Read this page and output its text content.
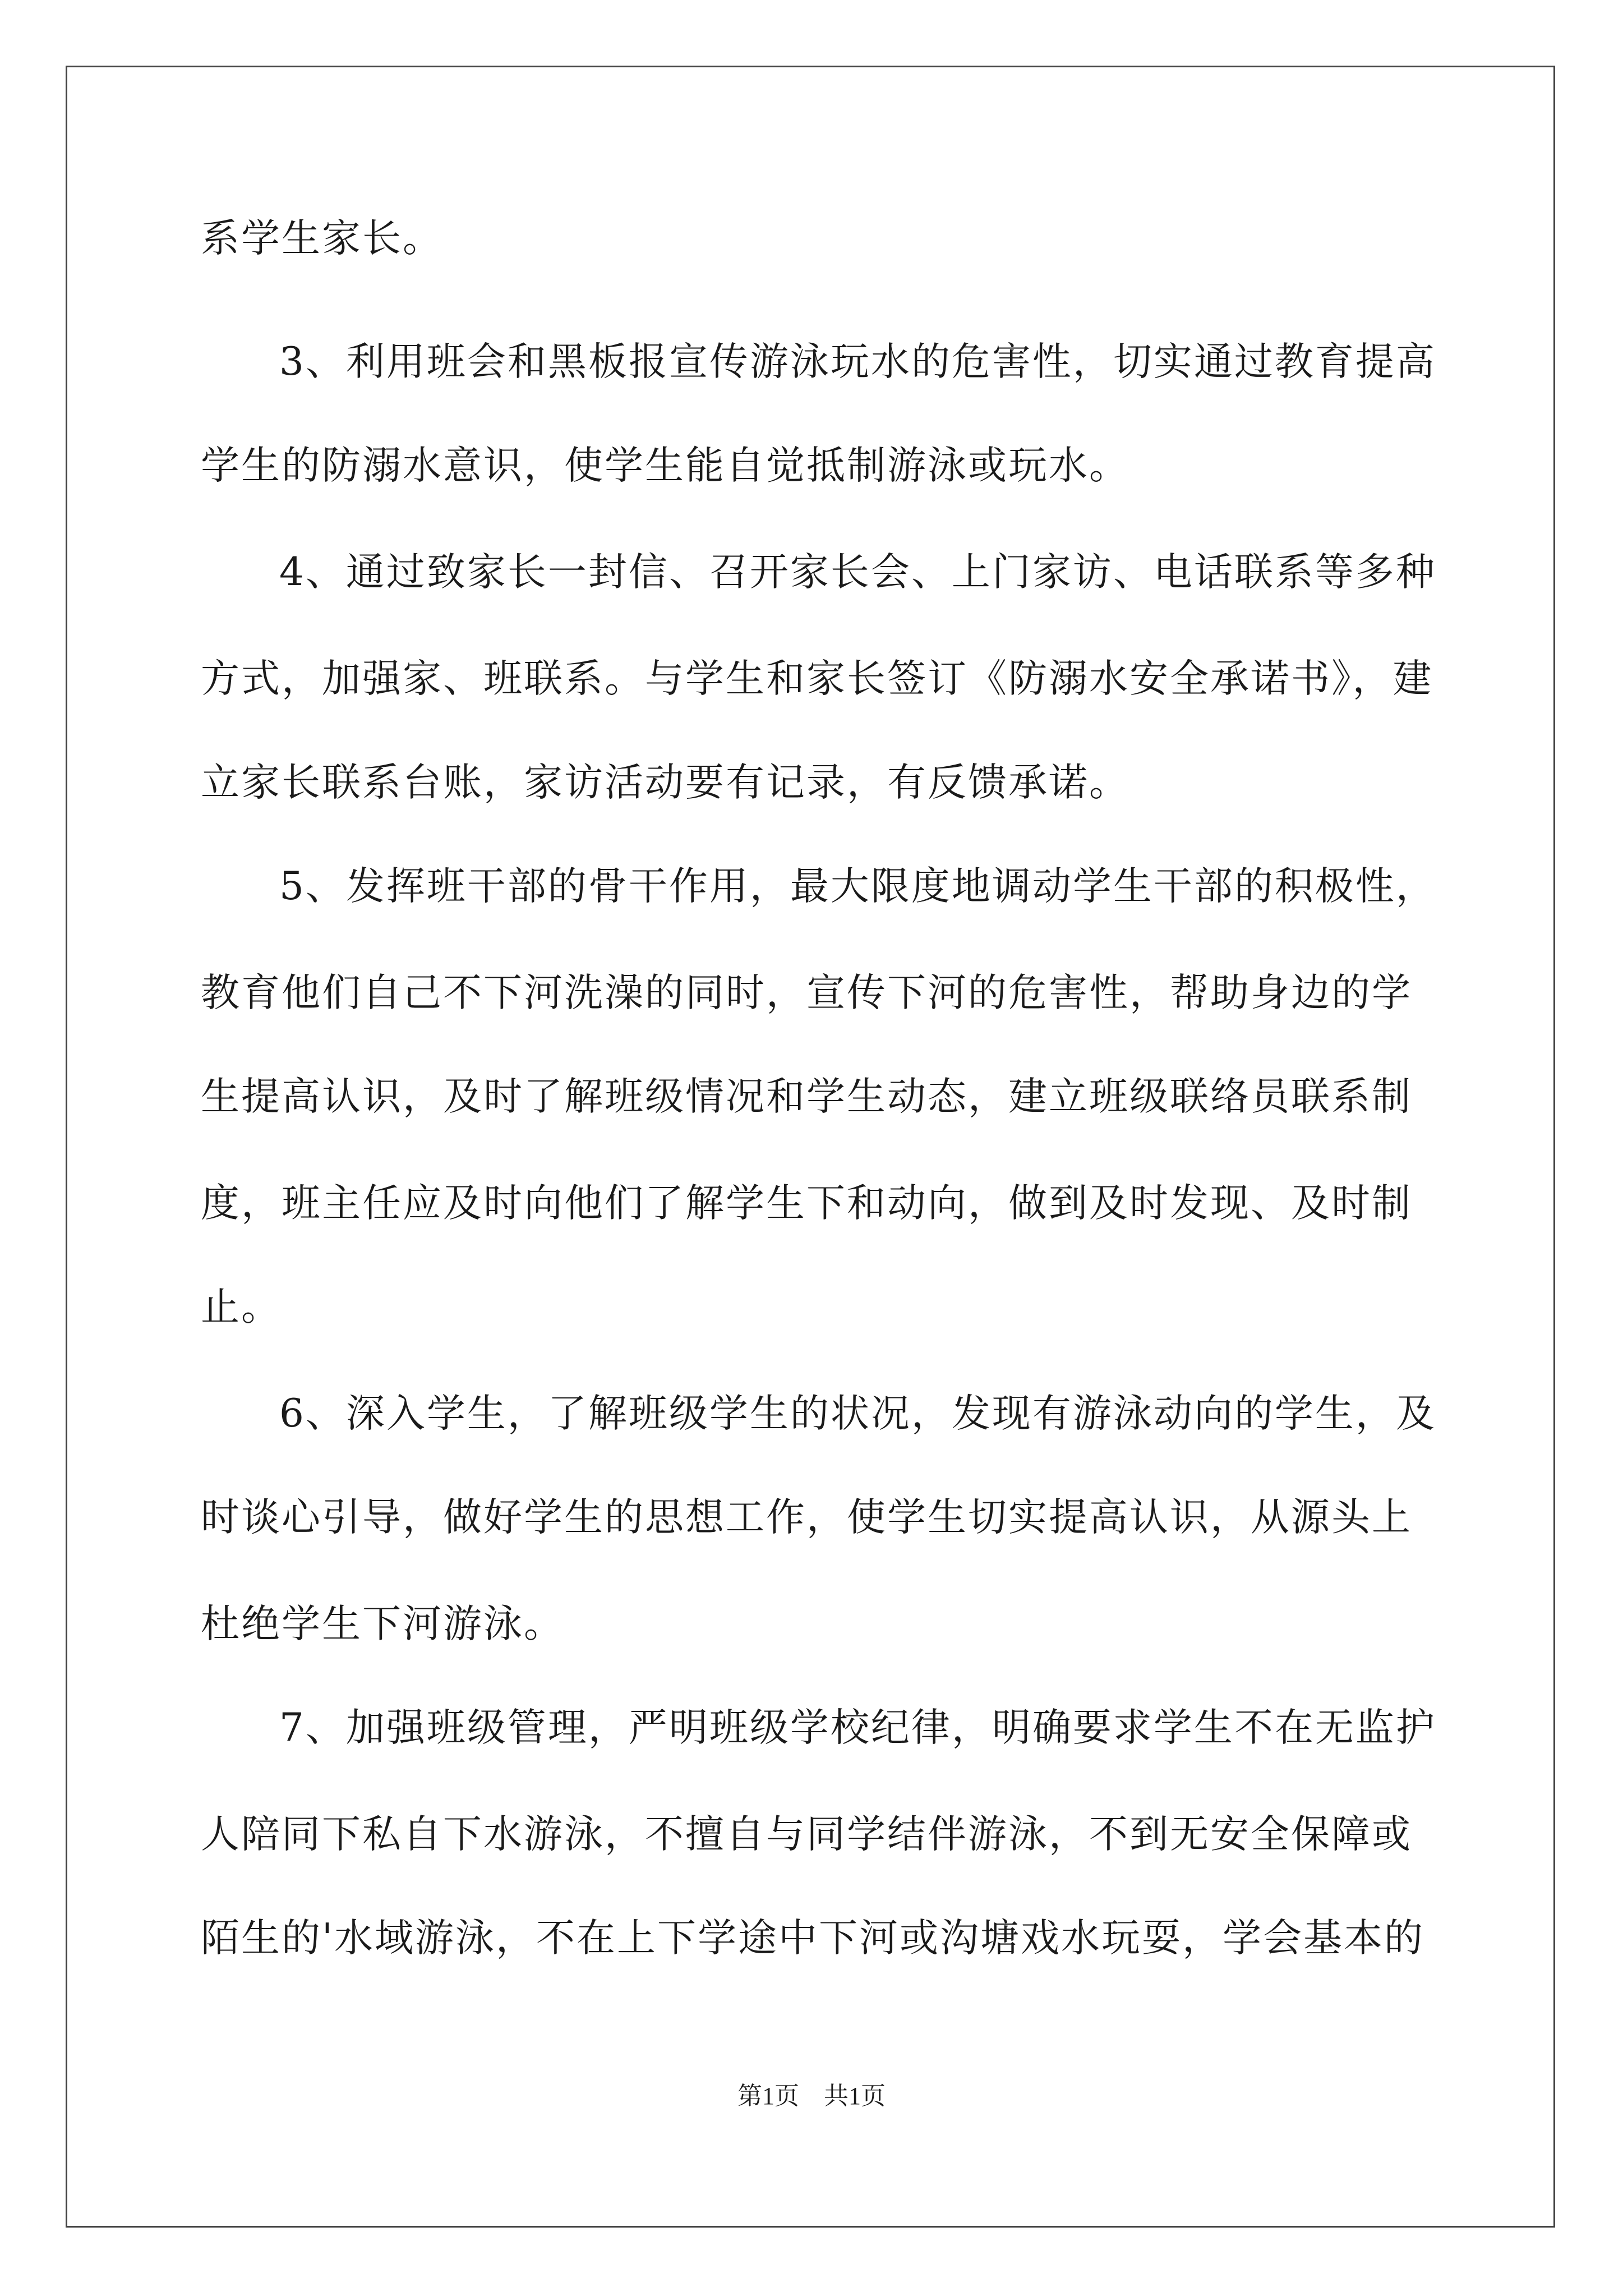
系学生家长。
3、利用班会和黑板报宣传游泳玩水的危害性，切实通过教育提高
学生的防溺水意识，使学生能自觉抵制游泳或玩水。
4、通过致家长一封信、召开家长会、上门家访、电话联系等多种
方式，加强家、班联系。与学生和家长签订《防溺水安全承诺书》，建
立家长联系台账，家访活动要有记录，有反馈承诺。
5、发挥班干部的骨干作用，最大限度地调动学生干部的积极性，
教育他们自己不下河洗澡的同时，宣传下河的危害性，帮助身边的学
生提高认识，及时了解班级情况和学生动态，建立班级联络员联系制
度，班主任应及时向他们了解学生下和动向，做到及时发现、及时制
止。
6、深入学生，了解班级学生的状况，发现有游泳动向的学生，及
时谈心引导，做好学生的思想工作，使学生切实提高认识，从源头上
杜绝学生下河游泳。
7、加强班级管理，严明班级学校纪律，明确要求学生不在无监护
人陪同下私自下水游泳，不擅自与同学结伴游泳，不到无安全保障或
陌生的'水域游泳，不在上下学途中下河或沟塘戏水玩耍，学会基本的
第1页　共1页
